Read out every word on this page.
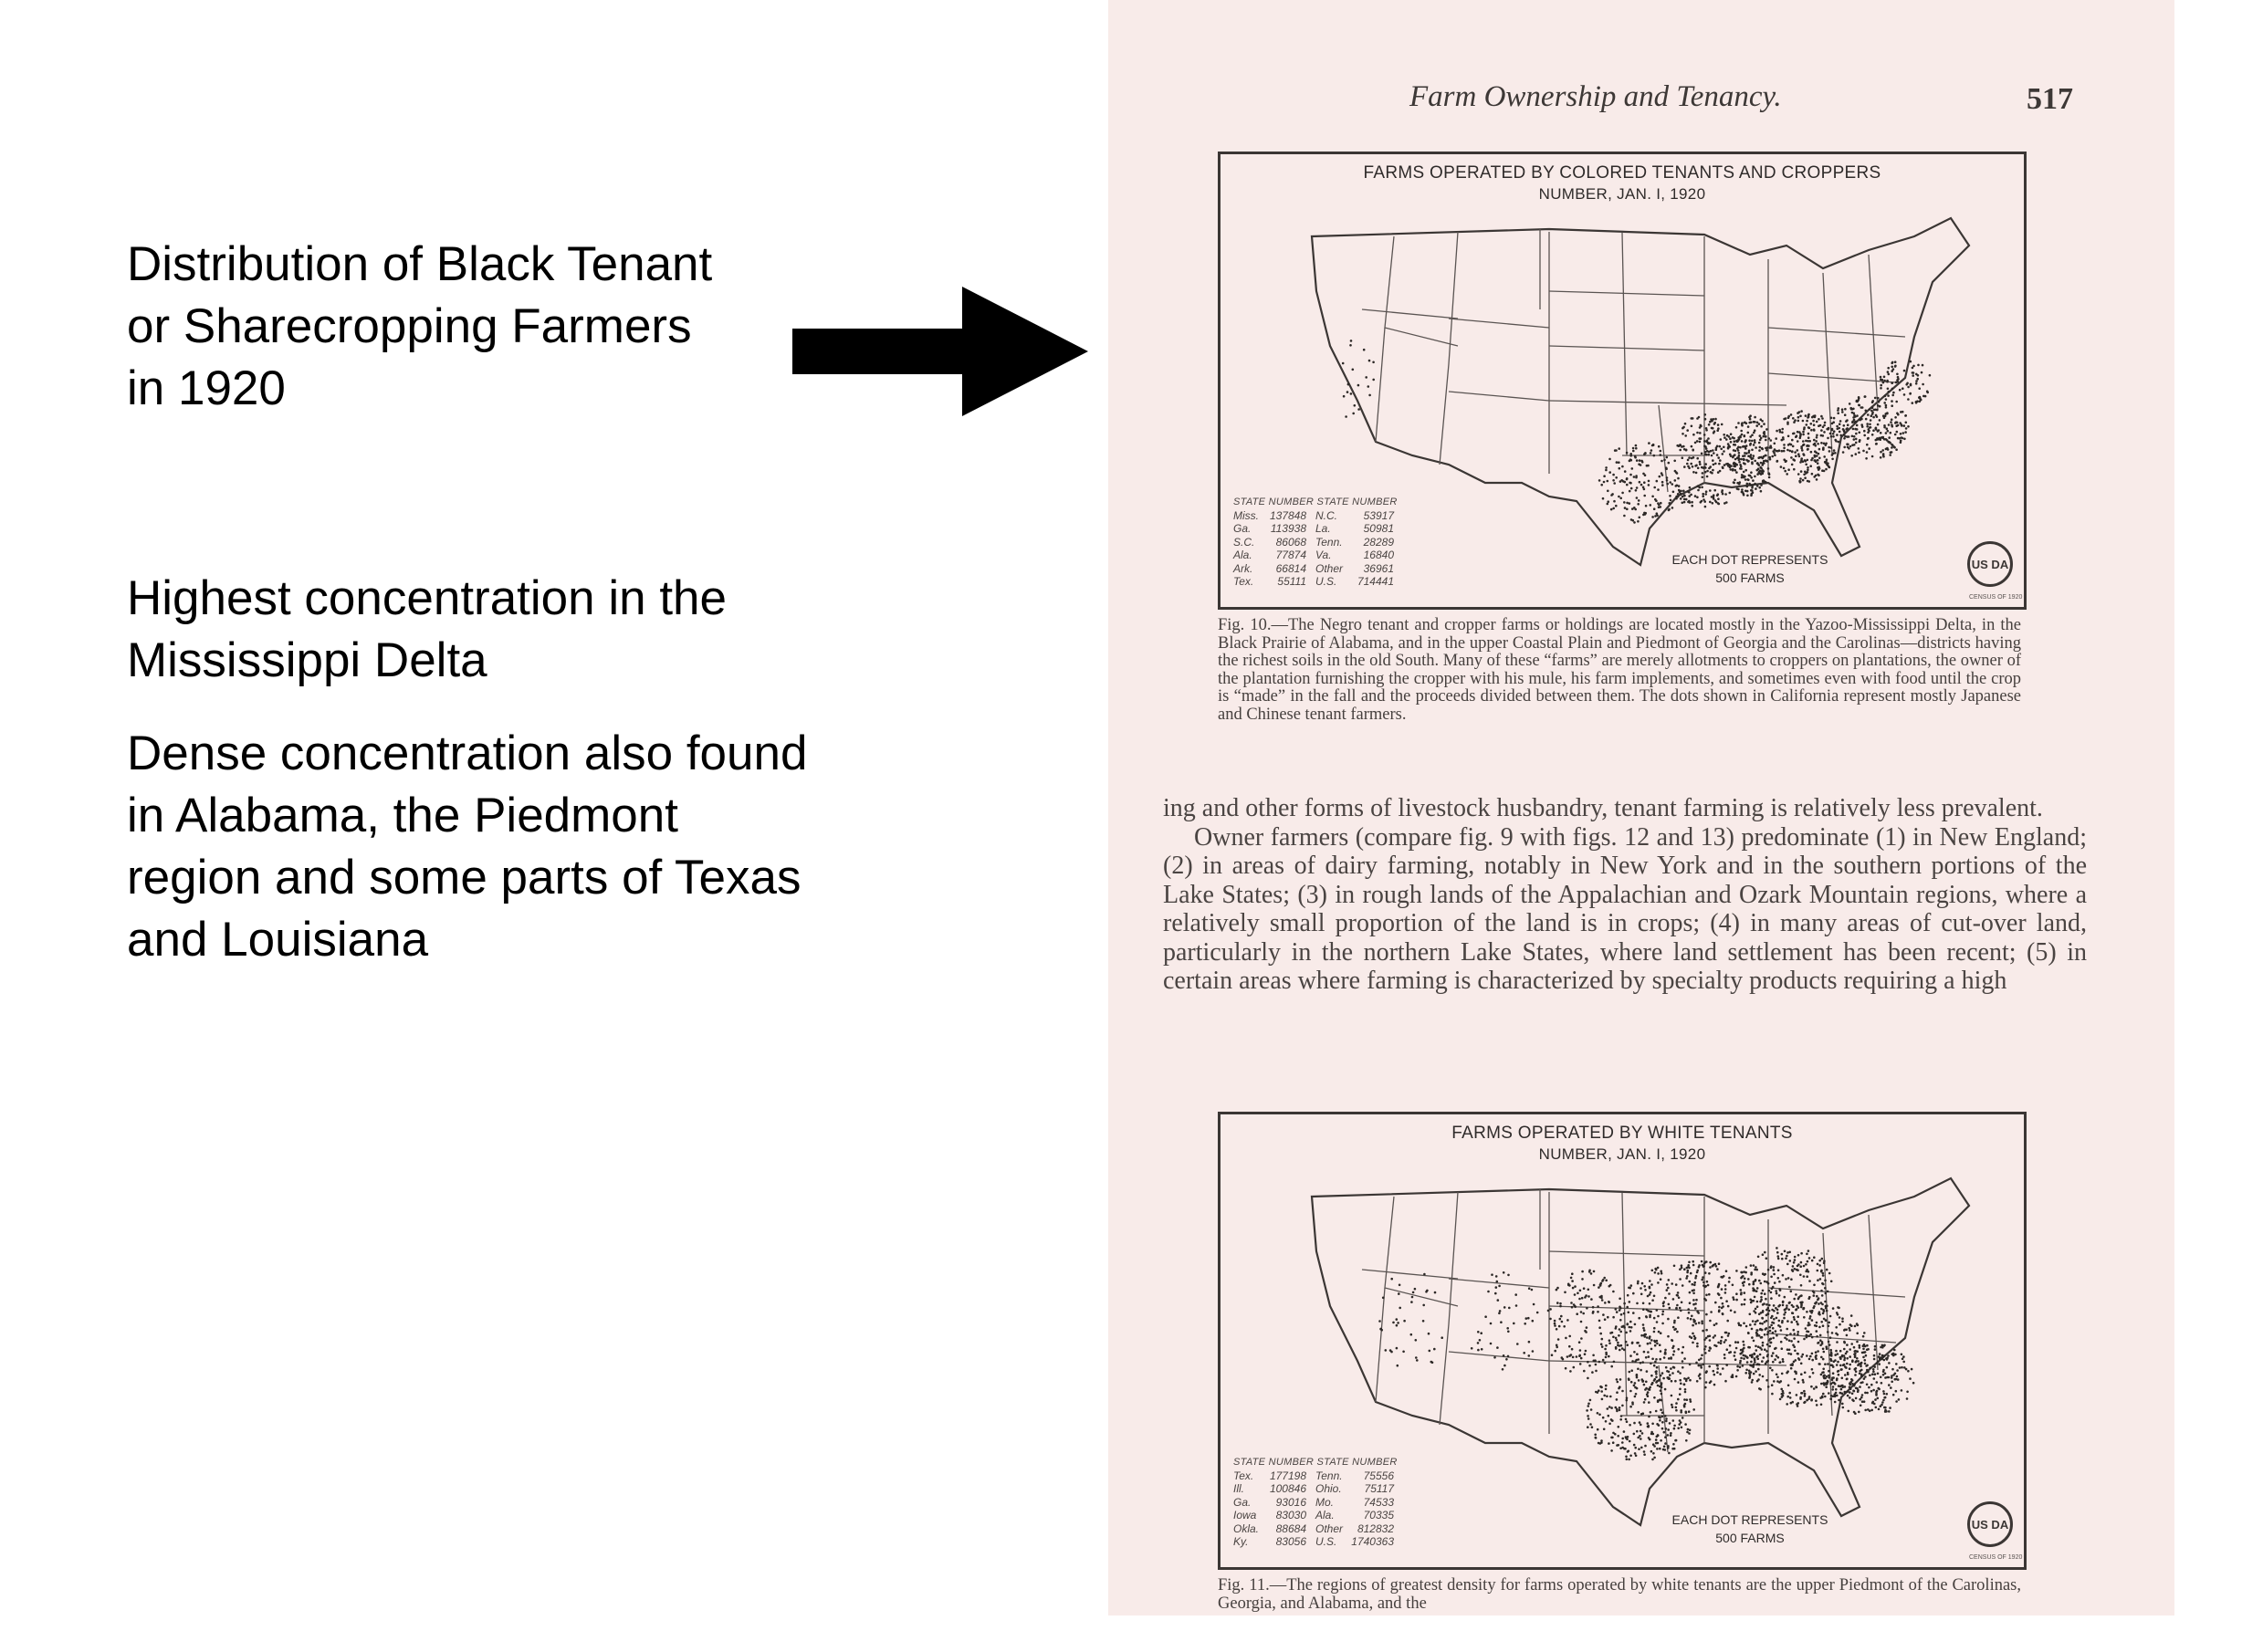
Distribution of Black Tenant
or Sharecropping Farmers
in 1920
Highest concentration in the
Mississippi Delta
Dense concentration also found
in Alabama, the Piedmont
region and some parts of Texas
and Louisiana
Farm Ownership and Tenancy.	517
FARMS OPERATED BY COLORED TENANTS AND CROPPERS
NUMBER, JAN. I, 1920
STATE NUMBER STATE NUMBER
Miss. 137848 N.C. 53917
Ga. 113938 La.	50981
S.C. 86068 Tenn. 28289
Ala. 77874 Va.	16840
Ark. 66814 Other 36961
Tex. 55111 U.S. 714441
EACH DOT REPRESENTS
500 FARMS
US DA
CENSUS OF 1920
Fig. 10.—The Negro tenant and cropper farms or holdings are located mostly in the Yazoo-Mississippi Delta, in the Black Prairie of Alabama, and in the upper Coastal Plain and Piedmont of Georgia and the Carolinas—districts having the richest soils in the old South. Many of these “farms” are merely allotments to croppers on plantations, the owner of the plantation furnishing the cropper with his mule, his farm implements, and sometimes even with food until the crop is “made” in the fall and the proceeds divided between them. The dots shown in California represent mostly Japanese and Chinese tenant farmers.

ing and other forms of livestock husbandry, tenant farming is relatively less prevalent.

Owner farmers (compare fig. 9 with figs. 12 and 13) predominate (1) in New England; (2) in areas of dairy farming, notably in New York and in the southern portions of the Lake States; (3) in rough lands of the Appalachian and Ozark Mountain regions, where a relatively small proportion of the land is in crops; (4) in many areas of cut-over land, particularly in the northern Lake States, where land settlement has been recent; (5) in certain areas where farming is characterized by specialty products requiring a high

FARMS OPERATED BY WHITE TENANTS
NUMBER, JAN. I, 1920
STATE NUMBER STATE NUMBER
Tex. 177198 Tenn. 75556
Ill. 100846 Ohio. 75117
Ga. 93016 Mo.	74533
Iowa 83030 Ala.	70335
Okla. 88684 Other 812832
Ky.	83056 U.S. 1740363
EACH DOT REPRESENTS
500 FARMS
US DA
CENSUS OF 1920
Fig. 11.—The regions of greatest density for farms operated by white tenants are the upper Piedmont of the Carolinas, Georgia, and Alabama, and the
